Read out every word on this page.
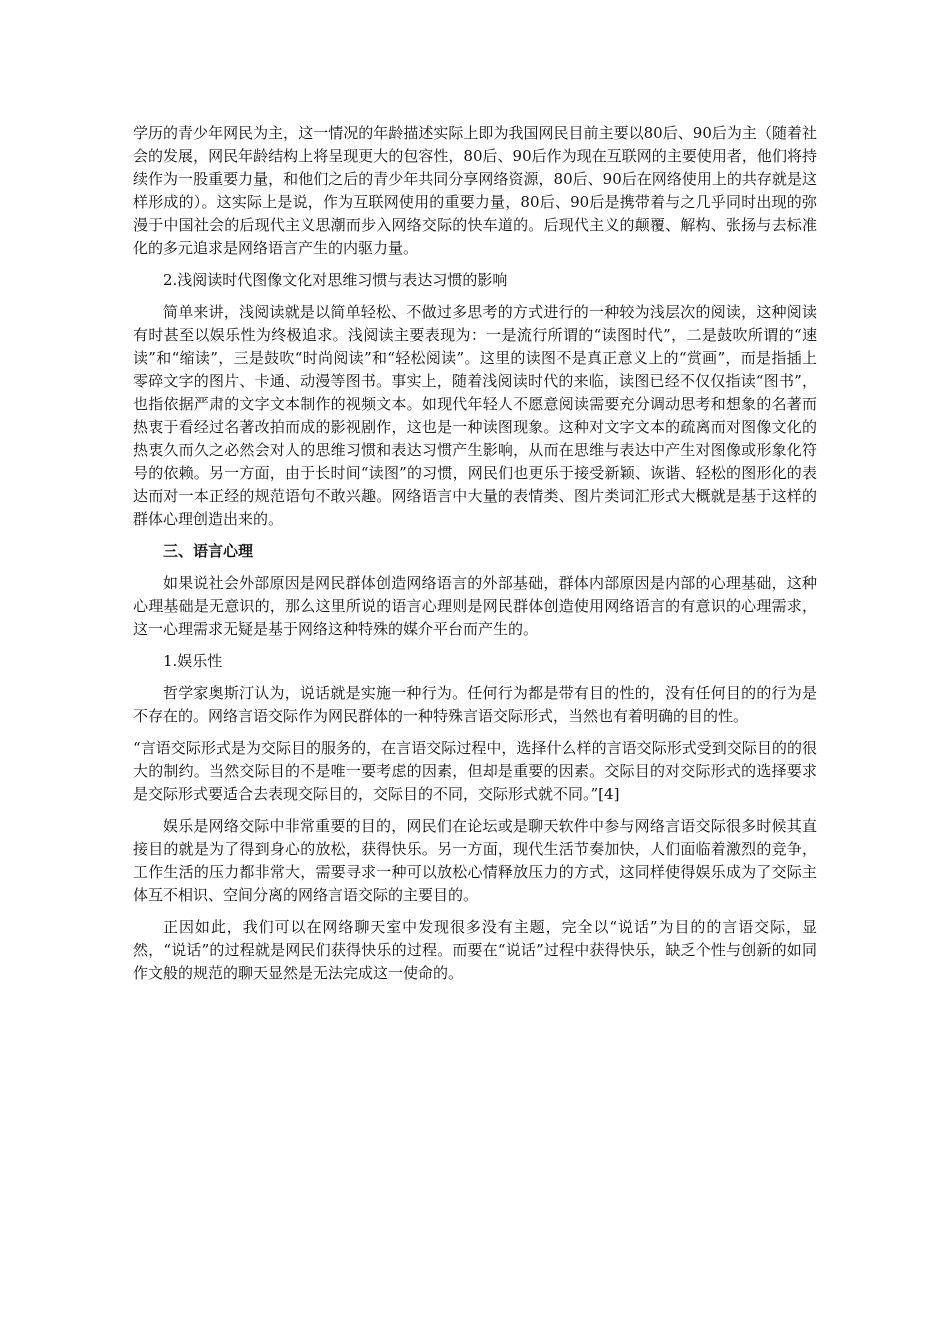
学历的青少年网民为主，这一情况的年龄描述实际上即为我国网民目前主要以80后、90后为主（随着社会的发展，网民年龄结构上将呈现更大的包容性，80后、90后作为现在互联网的主要使用者，他们将持续作为一股重要力量，和他们之后的青少年共同分享网络资源，80后、90后在网络使用上的共存就是这样形成的）。这实际上是说，作为互联网使用的重要力量，80后、90后是携带着与之几乎同时出现的弥漫于中国社会的后现代主义思潮而步入网络交际的快车道的。后现代主义的颠覆、解构、张扬与去标准化的多元追求是网络语言产生的内驱力量。

2.浅阅读时代图像文化对思维习惯与表达习惯的影响

简单来讲，浅阅读就是以简单轻松、不做过多思考的方式进行的一种较为浅层次的阅读，这种阅读有时甚至以娱乐性为终极追求。浅阅读主要表现为：一是流行所谓的“读图时代”，二是鼓吹所谓的“速读”和“缩读”，三是鼓吹“时尚阅读”和“轻松阅读”。这里的读图不是真正意义上的“赏画”，而是指插上零碎文字的图片、卡通、动漫等图书。事实上，随着浅阅读时代的来临，读图已经不仅仅指读“图书”，也指依据严肃的文字文本制作的视频文本。如现代年轻人不愿意阅读需要充分调动思考和想象的名著而热衷于看经过名著改拍而成的影视剧作，这也是一种读图现象。这种对文字文本的疏离而对图像文化的热衷久而久之必然会对人的思维习惯和表达习惯产生影响，从而在思维与表达中产生对图像或形象化符号的依赖。另一方面，由于长时间“读图”的习惯，网民们也更乐于接受新颖、诙谐、轻松的图形化的表达而对一本正经的规范语句不敢兴趣。网络语言中大量的表情类、图片类词汇形式大概就是基于这样的群体心理创造出来的。

三、语言心理

如果说社会外部原因是网民群体创造网络语言的外部基础，群体内部原因是内部的心理基础，这种心理基础是无意识的，那么这里所说的语言心理则是网民群体创造使用网络语言的有意识的心理需求，这一心理需求无疑是基于网络这种特殊的媒介平台而产生的。

1.娱乐性

哲学家奥斯汀认为，说话就是实施一种行为。任何行为都是带有目的性的，没有任何目的的行为是不存在的。网络言语交际作为网民群体的一种特殊言语交际形式，当然也有着明确的目的性。

“言语交际形式是为交际目的服务的，在言语交际过程中，选择什么样的言语交际形式受到交际目的的很大的制约。当然交际目的不是唯一要考虑的因素，但却是重要的因素。交际目的对交际形式的选择要求是交际形式要适合去表现交际目的，交际目的不同，交际形式就不同。”[4]

娱乐是网络交际中非常重要的目的，网民们在论坛或是聊天软件中参与网络言语交际很多时候其直接目的就是为了得到身心的放松，获得快乐。另一方面，现代生活节奏加快，人们面临着激烈的竞争，工作生活的压力都非常大，需要寻求一种可以放松心情释放压力的方式，这同样使得娱乐成为了交际主体互不相识、空间分离的网络言语交际的主要目的。

正因如此，我们可以在网络聊天室中发现很多没有主题，完全以“说话”为目的的言语交际，显然，“说话”的过程就是网民们获得快乐的过程。而要在“说话”过程中获得快乐，缺乏个性与创新的如同作文般的规范的聊天显然是无法完成这一使命的。
